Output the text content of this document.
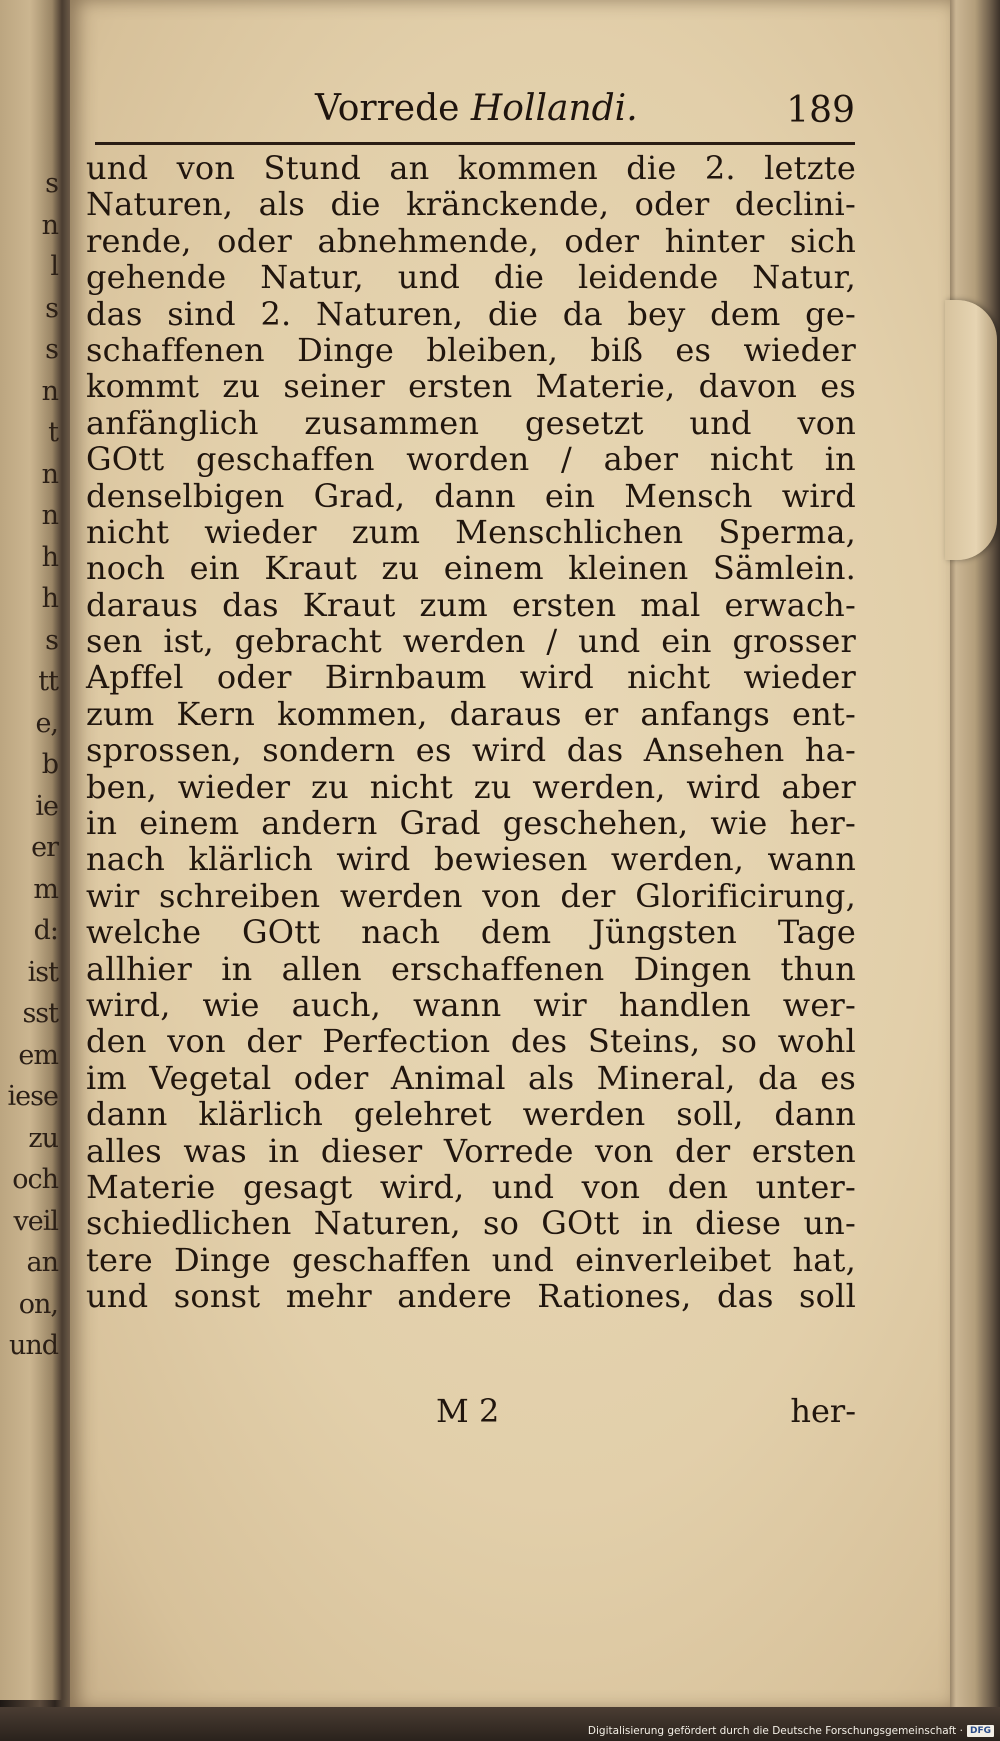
s
n
l
s
s
n
t
n
n
h
h
s
tt
e,
b
ie
er
m
d:
ist
sst
em
iese
zu
och
veil
an
on,
und
Vorrede Hollandi.	189
und von Stund an kommen die 2. letzte
Naturen, als die kränckende, oder declini-
rende, oder abnehmende, oder hinter sich
gehende Natur, und die leidende Natur,
das sind 2. Naturen, die da bey dem ge-
schaffenen Dinge bleiben, biß es wieder
kommt zu seiner ersten Materie, davon es
anfänglich zusammen gesetzt und von
GOtt geschaffen worden / aber nicht in
denselbigen Grad, dann ein Mensch wird
nicht wieder zum Menschlichen Sperma,
noch ein Kraut zu einem kleinen Sämlein.
daraus das Kraut zum ersten mal erwach-
sen ist, gebracht werden / und ein grosser
Apffel oder Birnbaum wird nicht wieder
zum Kern kommen, daraus er anfangs ent-
sprossen, sondern es wird das Ansehen ha-
ben, wieder zu nicht zu werden, wird aber
in einem andern Grad geschehen, wie her-
nach klärlich wird bewiesen werden, wann
wir schreiben werden von der Glorificirung,
welche GOtt nach dem Jüngsten Tage
allhier in allen erschaffenen Dingen thun
wird, wie auch, wann wir handlen wer-
den von der Perfection des Steins, so wohl
im Vegetal oder Animal als Mineral, da es
dann klärlich gelehret werden soll, dann
alles was in dieser Vorrede von der ersten
Materie gesagt wird, und von den unter-
schiedlichen Naturen, so GOtt in diese un-
tere Dinge geschaffen und einverleibet hat,
und sonst mehr andere Rationes, das soll
M 2	her-
Digitalisierung gefördert durch die Deutsche Forschungsgemeinschaft · DFG
